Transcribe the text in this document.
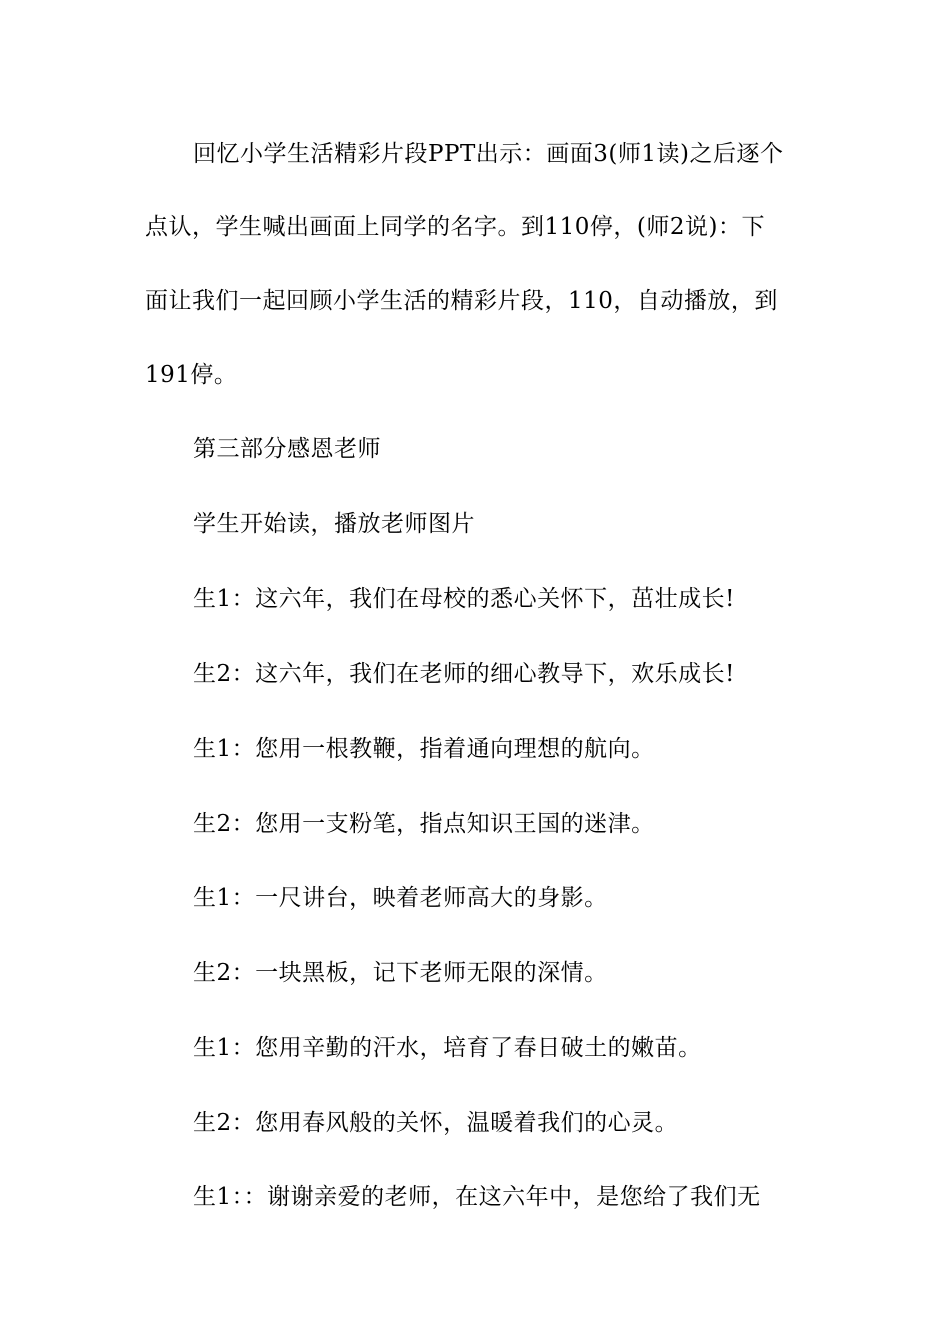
回忆小学生活精彩片段PPT出示：画面3(师1读)之后逐个
点认，学生喊出画面上同学的名字。到110停，(师2说)：下
面让我们一起回顾小学生活的精彩片段，110，自动播放，到
191停。
第三部分感恩老师
学生开始读，播放老师图片
生1：这六年，我们在母校的悉心关怀下，茁壮成长!
生2：这六年，我们在老师的细心教导下，欢乐成长!
生1：您用一根教鞭，指着通向理想的航向。
生2：您用一支粉笔，指点知识王国的迷津。
生1：一尺讲台，映着老师高大的身影。
生2：一块黑板，记下老师无限的深情。
生1：您用辛勤的汗水，培育了春日破土的嫩苗。
生2：您用春风般的关怀，温暖着我们的心灵。
生1：：谢谢亲爱的老师，在这六年中，是您给了我们无
